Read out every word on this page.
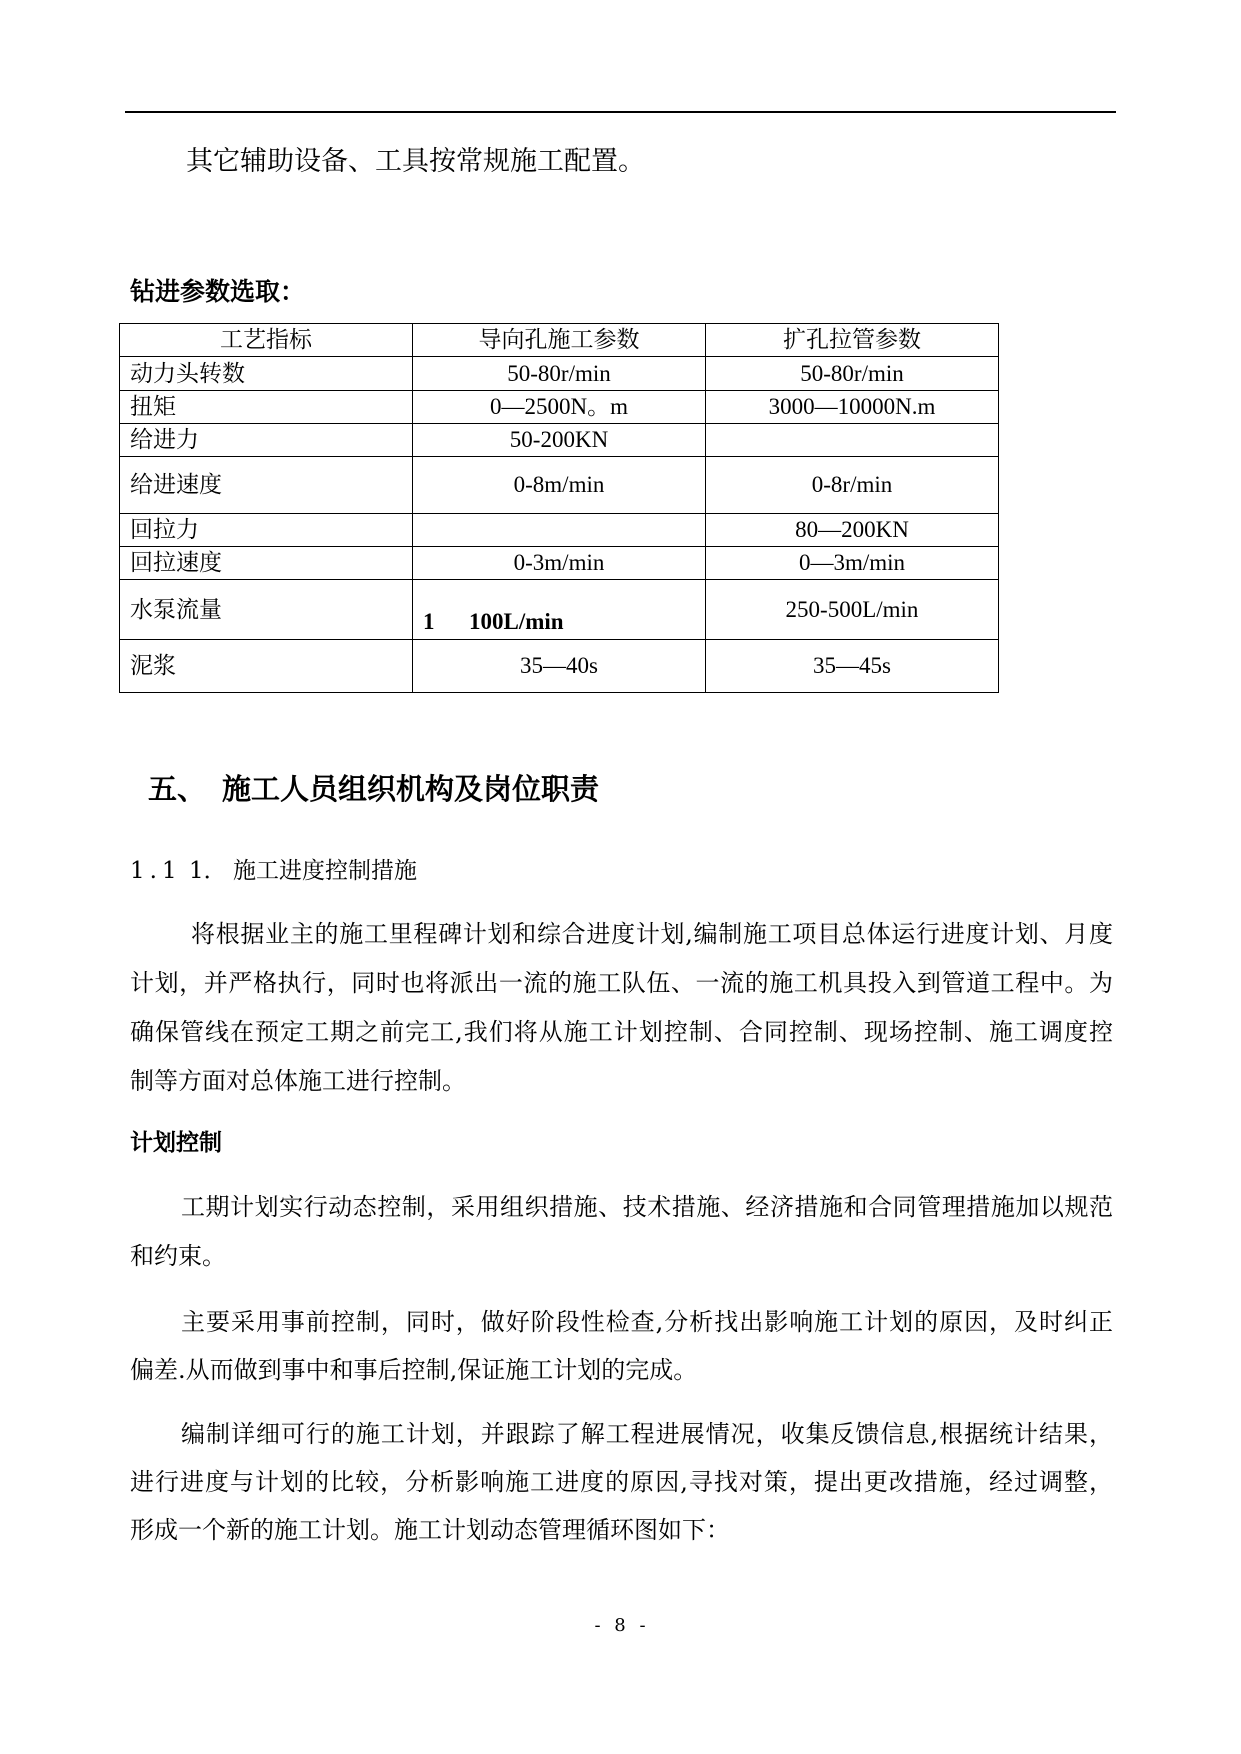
其它辅助设备、工具按常规施工配置。
钻进参数选取：
工艺指标	导向孔施工参数	扩孔拉管参数
动力头转数	50-80r/min	50-80r/min
扭矩	0—2500N。m	3000—10000N.m
给进力	50-200KN	
给进速度	0-8m/min	0-8r/min
回拉力		80—200KN
回拉速度	0-3m/min	0—3m/min
水泵流量	1      100L/min	250-500L/min
泥浆	35—40s	35—45s
五、 施工人员组织机构及岗位职责
1.1 1． 施工进度控制措施
将根据业主的施工里程碑计划和综合进度计划,编制施工项目总体运行进度计划、月度
计划，并严格执行，同时也将派出一流的施工队伍、一流的施工机具投入到管道工程中。为
确保管线在预定工期之前完工,我们将从施工计划控制、合同控制、现场控制、施工调度控
制等方面对总体施工进行控制。
计划控制
工期计划实行动态控制，采用组织措施、技术措施、经济措施和合同管理措施加以规范
和约束。
主要采用事前控制，同时，做好阶段性检查,分析找出影响施工计划的原因，及时纠正
偏差.从而做到事中和事后控制,保证施工计划的完成。
编制详细可行的施工计划，并跟踪了解工程进展情况，收集反馈信息,根据统计结果，
进行进度与计划的比较，分析影响施工进度的原因,寻找对策，提出更改措施，经过调整，
形成一个新的施工计划。施工计划动态管理循环图如下：
- 8 -
